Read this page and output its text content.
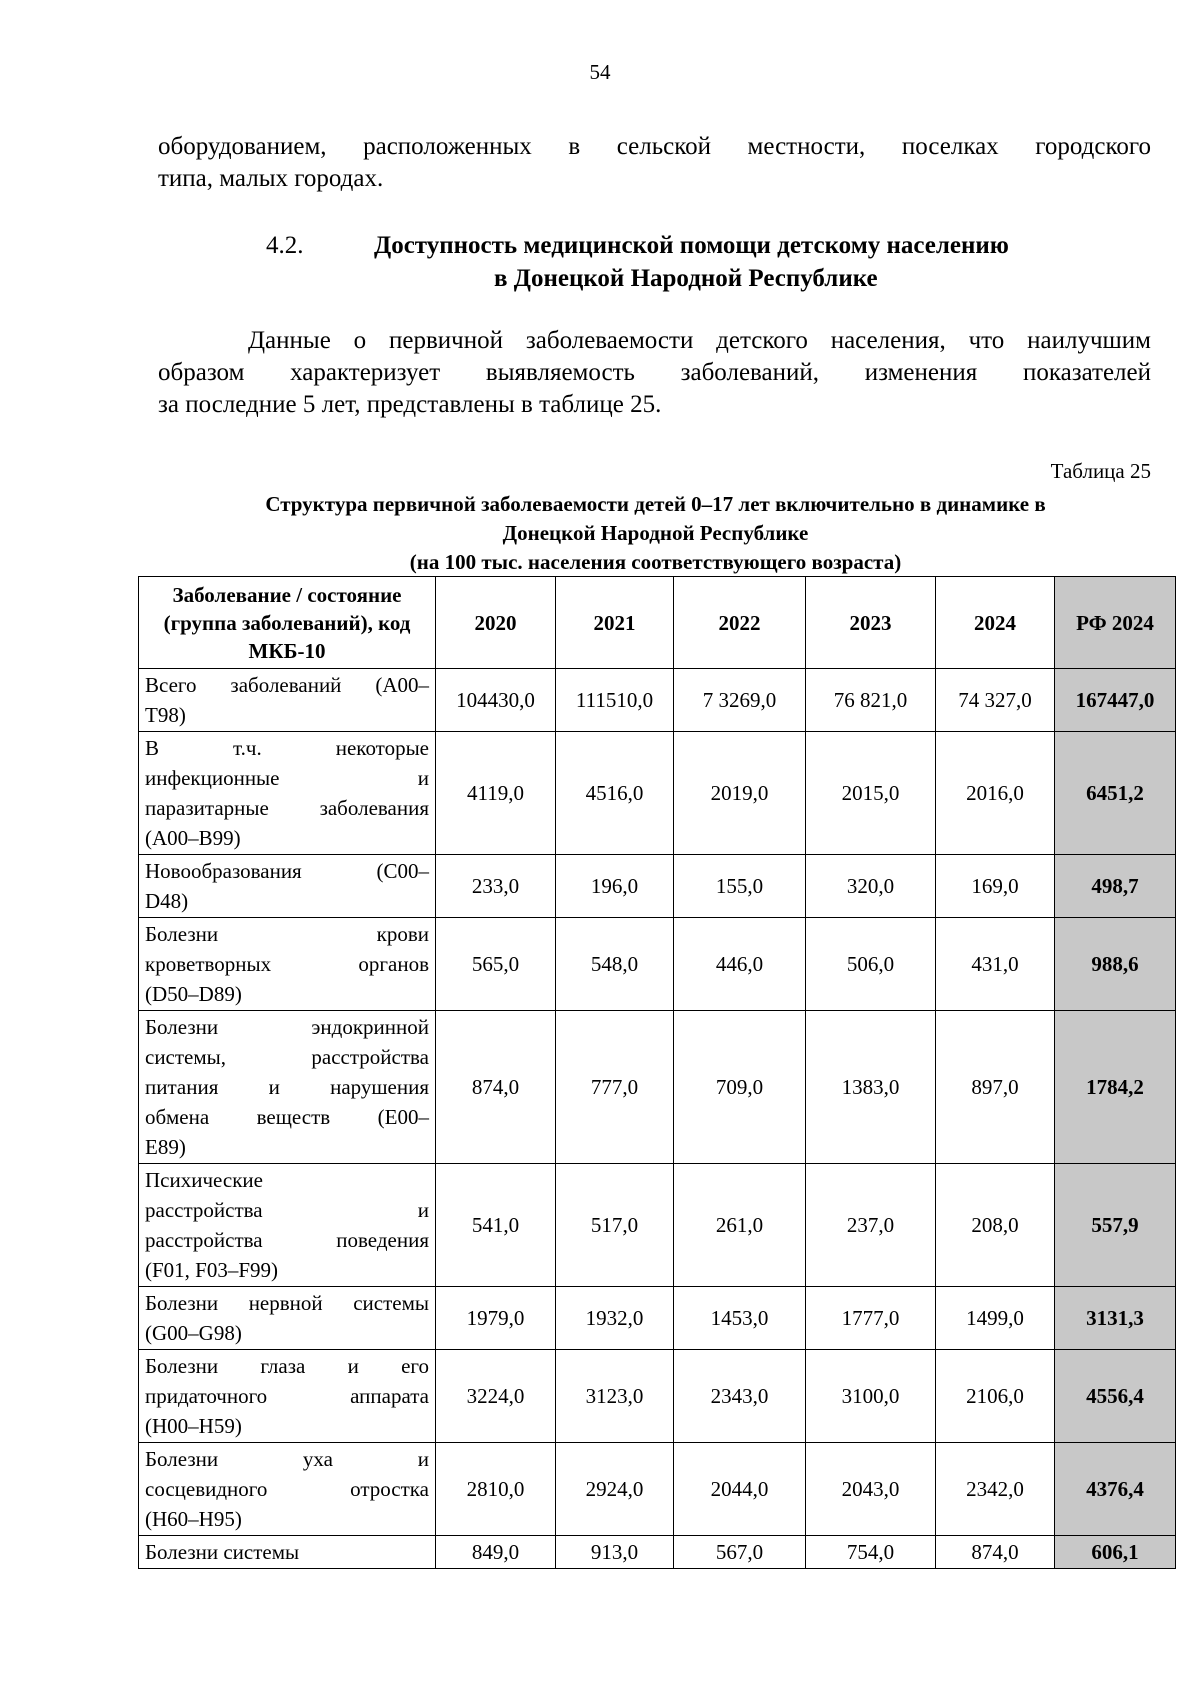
54
оборудованием, расположенных в сельской местности, поселках городского
типа, малых городах.
4.2.	Доступность медицинской помощи детскому населению
в Донецкой Народной Республике
Данные о первичной заболеваемости детского населения, что наилучшим
образом характеризует выявляемость заболеваний, изменения показателей
за последние 5 лет, представлены в таблице 25.
Таблица 25
Структура первичной заболеваемости детей 0–17 лет включительно в динамике в
Донецкой Народной Республике
(на 100 тыс. населения соответствующего возраста)
Заболевание / состояние (группа заболеваний), код МКБ-10	2020	2021	2022	2023	2024	РФ 2024

Всего заболеваний (А00–
Т98)	104430,0	111510,0	7 3269,0	76 821,0	74 327,0	167447,0

В т.ч. некоторые
инфекционные и
паразитарные заболевания
(А00–В99)	4119,0	4516,0	2019,0	2015,0	2016,0	6451,2

Новообразования (С00–
D48)	233,0	196,0	155,0	320,0	169,0	498,7

Болезни крови
кроветворных органов
(D50–D89)	565,0	548,0	446,0	506,0	431,0	988,6

Болезни эндокринной
системы, расстройства
питания и нарушения
обмена веществ (Е00–
Е89)	874,0	777,0	709,0	1383,0	897,0	1784,2

Психические
расстройства и
расстройства поведения
(F01, F03–F99)	541,0	517,0	261,0	237,0	208,0	557,9

Болезни нервной системы
(G00–G98)	1979,0	1932,0	1453,0	1777,0	1499,0	3131,3

Болезни глаза и его
придаточного аппарата
(Н00–Н59)	3224,0	3123,0	2343,0	3100,0	2106,0	4556,4

Болезни уха и
сосцевидного отростка
(Н60–Н95)	2810,0	2924,0	2044,0	2043,0	2342,0	4376,4

Болезни системы	849,0	913,0	567,0	754,0	874,0	606,1
